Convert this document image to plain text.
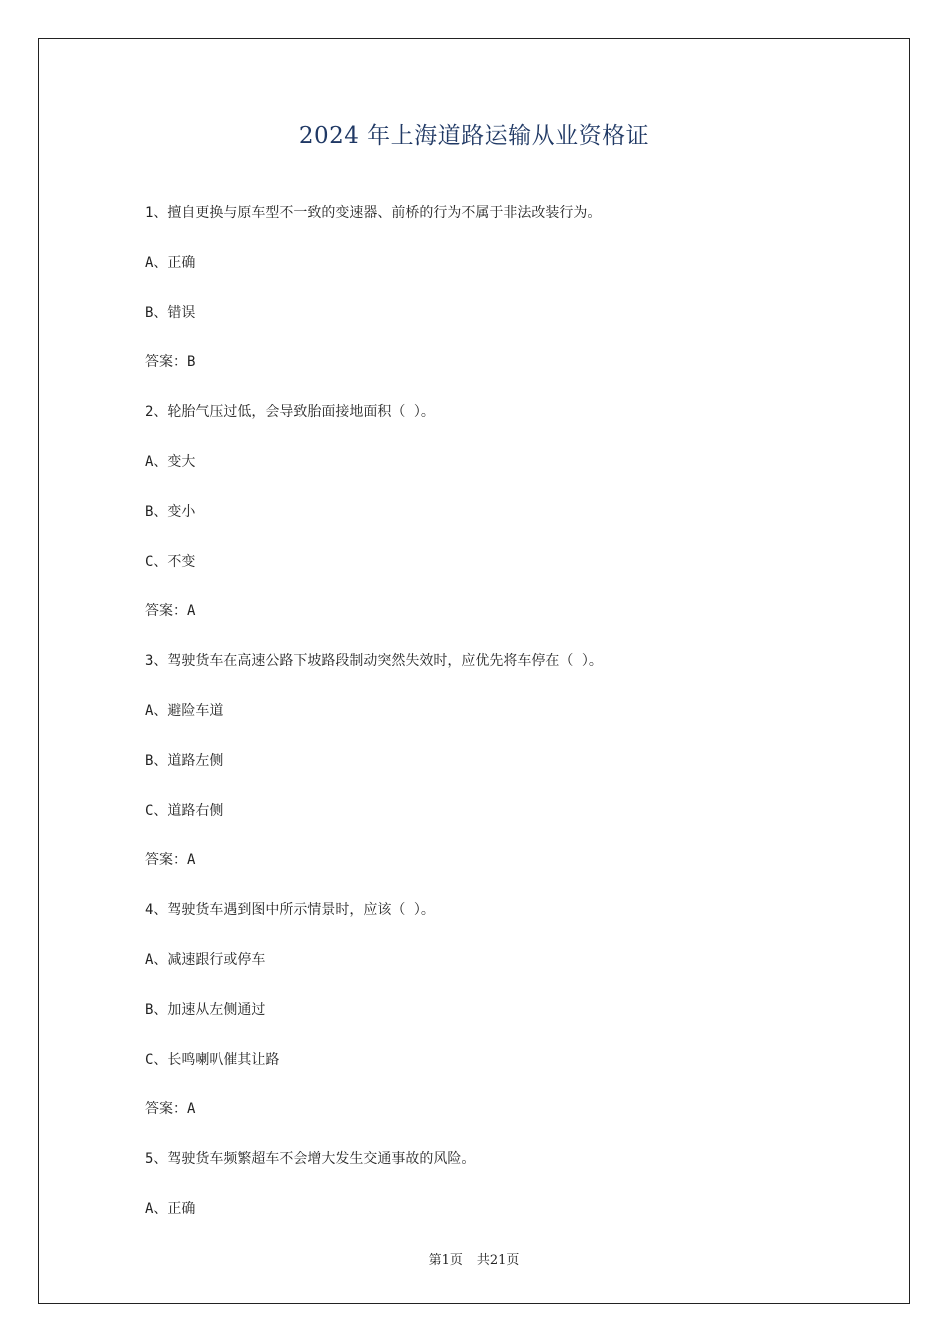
2024 年上海道路运输从业资格证
1、擅自更换与原车型不一致的变速器、前桥的行为不属于非法改装行为。
A、正确
B、错误
答案：B
2、轮胎气压过低，会导致胎面接地面积（ ）。
A、变大
B、变小
C、不变
答案：A
3、驾驶货车在高速公路下坡路段制动突然失效时，应优先将车停在（ ）。
A、避险车道
B、道路左侧
C、道路右侧
答案：A
4、驾驶货车遇到图中所示情景时，应该（ ）。
A、减速跟行或停车
B、加速从左侧通过
C、长鸣喇叭催其让路
答案：A
5、驾驶货车频繁超车不会增大发生交通事故的风险。
A、正确
第1页 共21页
